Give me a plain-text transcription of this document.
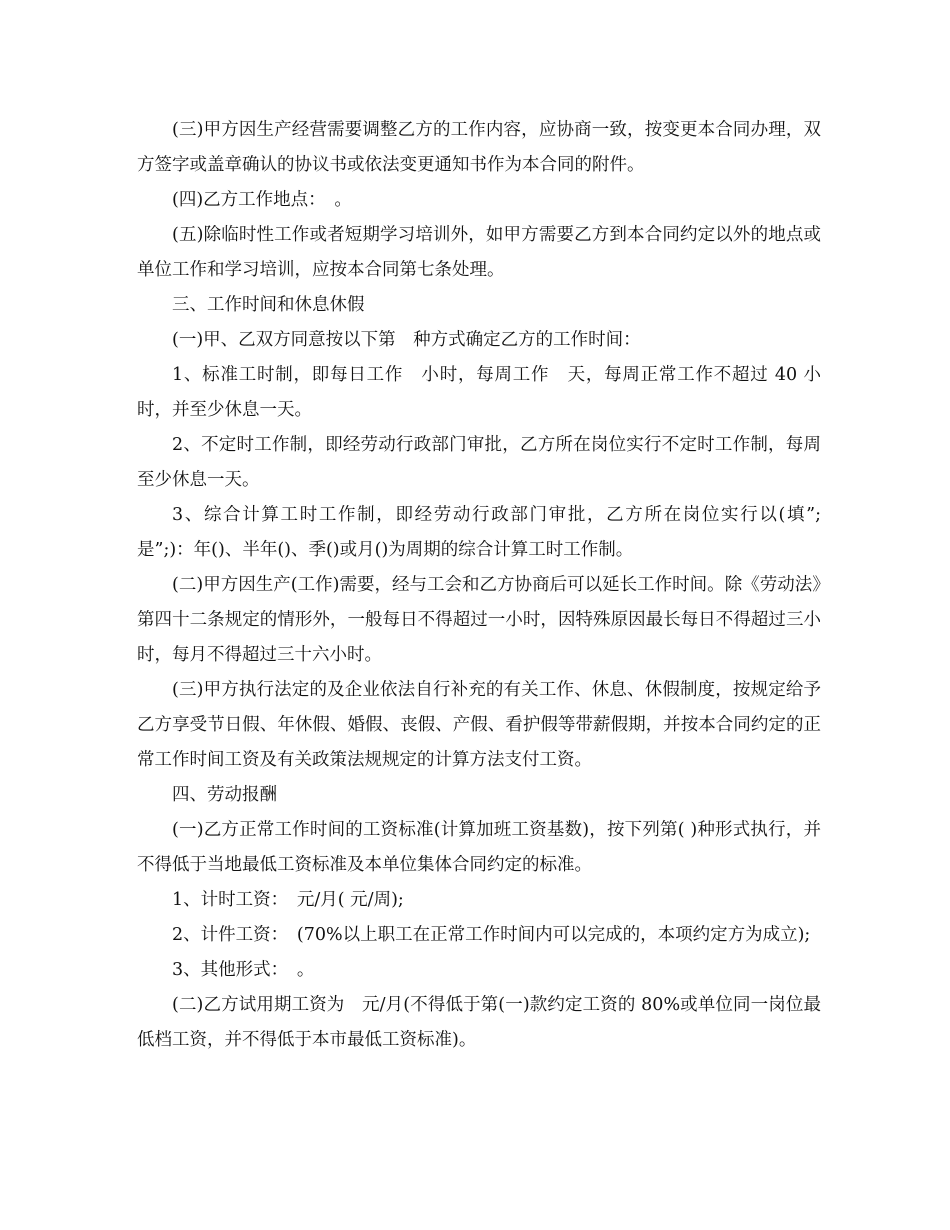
(三)甲方因生产经营需要调整乙方的工作内容，应协商一致，按变更本合同办理，双方签字或盖章确认的协议书或依法变更通知书作为本合同的附件。

(四)乙方工作地点：　。

(五)除临时性工作或者短期学习培训外，如甲方需要乙方到本合同约定以外的地点或单位工作和学习培训，应按本合同第七条处理。

三、工作时间和休息休假

(一)甲、乙双方同意按以下第　种方式确定乙方的工作时间：

1、标准工时制，即每日工作　小时，每周工作　天，每周正常工作不超过 40 小时，并至少休息一天。

2、不定时工作制，即经劳动行政部门审批，乙方所在岗位实行不定时工作制，每周至少休息一天。

3、综合计算工时工作制，即经劳动行政部门审批，乙方所在岗位实行以(填”;是”;)：年()、半年()、季()或月()为周期的综合计算工时工作制。

(二)甲方因生产(工作)需要，经与工会和乙方协商后可以延长工作时间。除《劳动法》第四十二条规定的情形外，一般每日不得超过一小时，因特殊原因最长每日不得超过三小时，每月不得超过三十六小时。

(三)甲方执行法定的及企业依法自行补充的有关工作、休息、休假制度，按规定给予乙方享受节日假、年休假、婚假、丧假、产假、看护假等带薪假期，并按本合同约定的正常工作时间工资及有关政策法规规定的计算方法支付工资。

四、劳动报酬

(一)乙方正常工作时间的工资标准(计算加班工资基数)，按下列第( )种形式执行，并不得低于当地最低工资标准及本单位集体合同约定的标准。

1、计时工资：　元/月( 元/周);

2、计件工资：　(70%以上职工在正常工作时间内可以完成的，本项约定方为成立);

3、其他形式：　。

(二)乙方试用期工资为　元/月(不得低于第(一)款约定工资的 80%或单位同一岗位最低档工资，并不得低于本市最低工资标准)。
